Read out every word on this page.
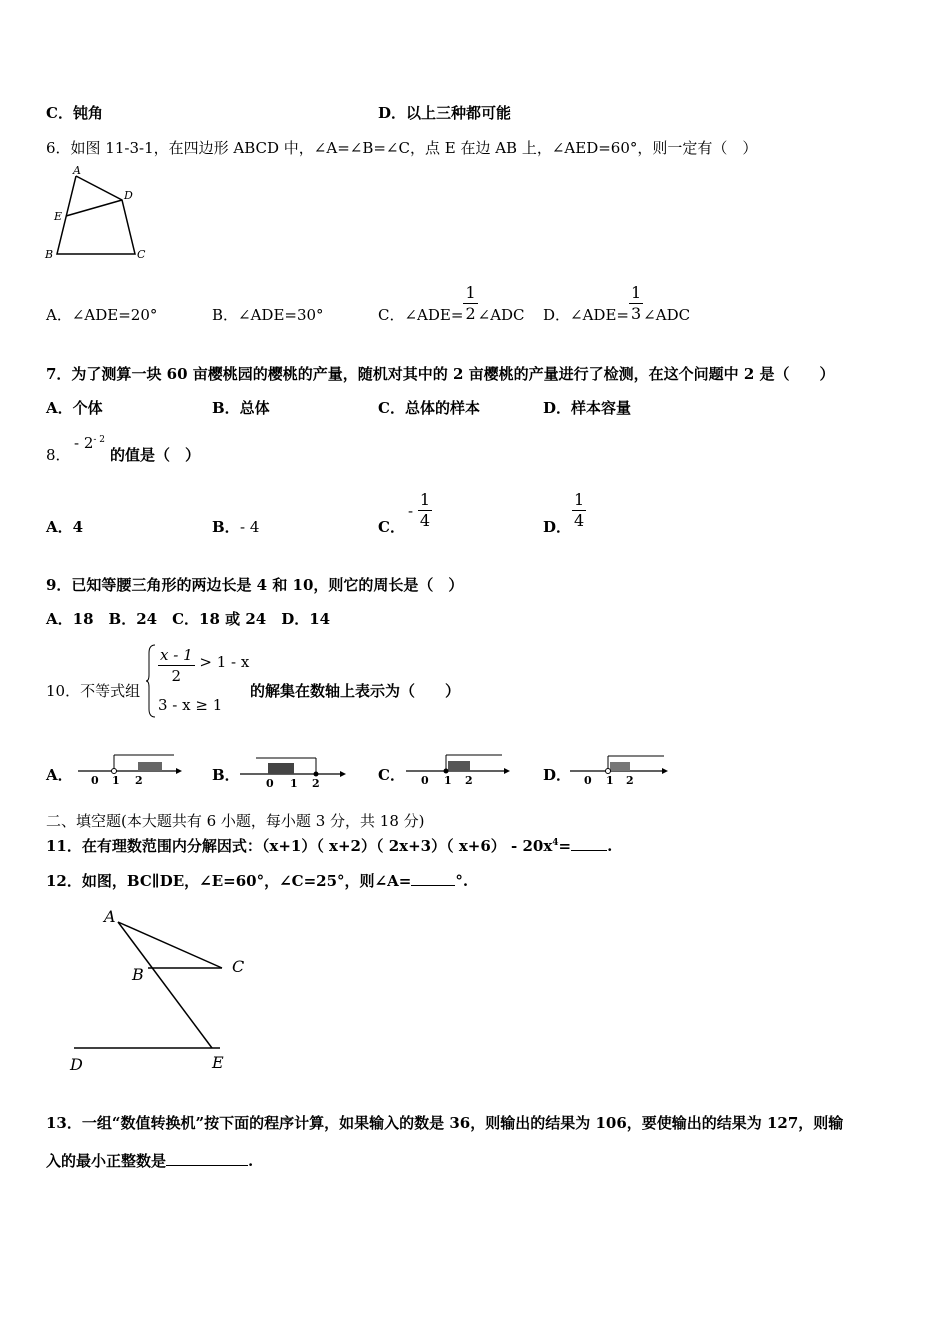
C．钝角	D．以上三种都可能
6．如图 11-3-1，在四边形 ABCD 中，∠A=∠B=∠C，点 E 在边 AB 上，∠AED=60°，则一定有（　）
A
D
E
B	C
A．∠ADE=20°	B．∠ADE=30°	C．∠ADE= $\frac{1}{2}$ ∠ADC D．∠ADE= $\frac{1}{3}$ ∠ADC
7．为了测算一块 60 亩樱桃园的樱桃的产量，随机对其中的 2 亩樱桃的产量进行了检测，在这个问题中 2 是（　　）
A．个体	B．总体	C．总体的样本	D．样本容量
8．
- $2^{- 2}$
的值是（　）
A．4	B． - 4	C．
- $\frac{1}{4}$	D． $\frac{1}{4}$
9．已知等腰三角形的两边长是 4 和 10，则它的周长是（　）
A．18　B．24　C．18 或 24　D．14
10．不等式组
$\frac{x - 1}{2} > 1 - x$
3 - x ≥ 1
的解集在数轴上表示为（　　）
A． 0 1 2	B． 0 1 2	C． 0 1 2	D． 0 1 2
二、填空题(本大题共有 6 小题，每小题 3 分，共 18 分)
11．在有理数范围内分解因式：（x+1）（ x+2）（ 2x+3）（ $x+6) - 20x^4=$ .
12．如图，BC∥DE，∠E=60°，∠C=25°，则∠A=	°.
A
B	C
D	E
13．一组“数值转换机”按下面的程序计算，如果输入的数是 36，则输出的结果为 106，要使输出的结果为 127，则输
入的最小正整数是	.
